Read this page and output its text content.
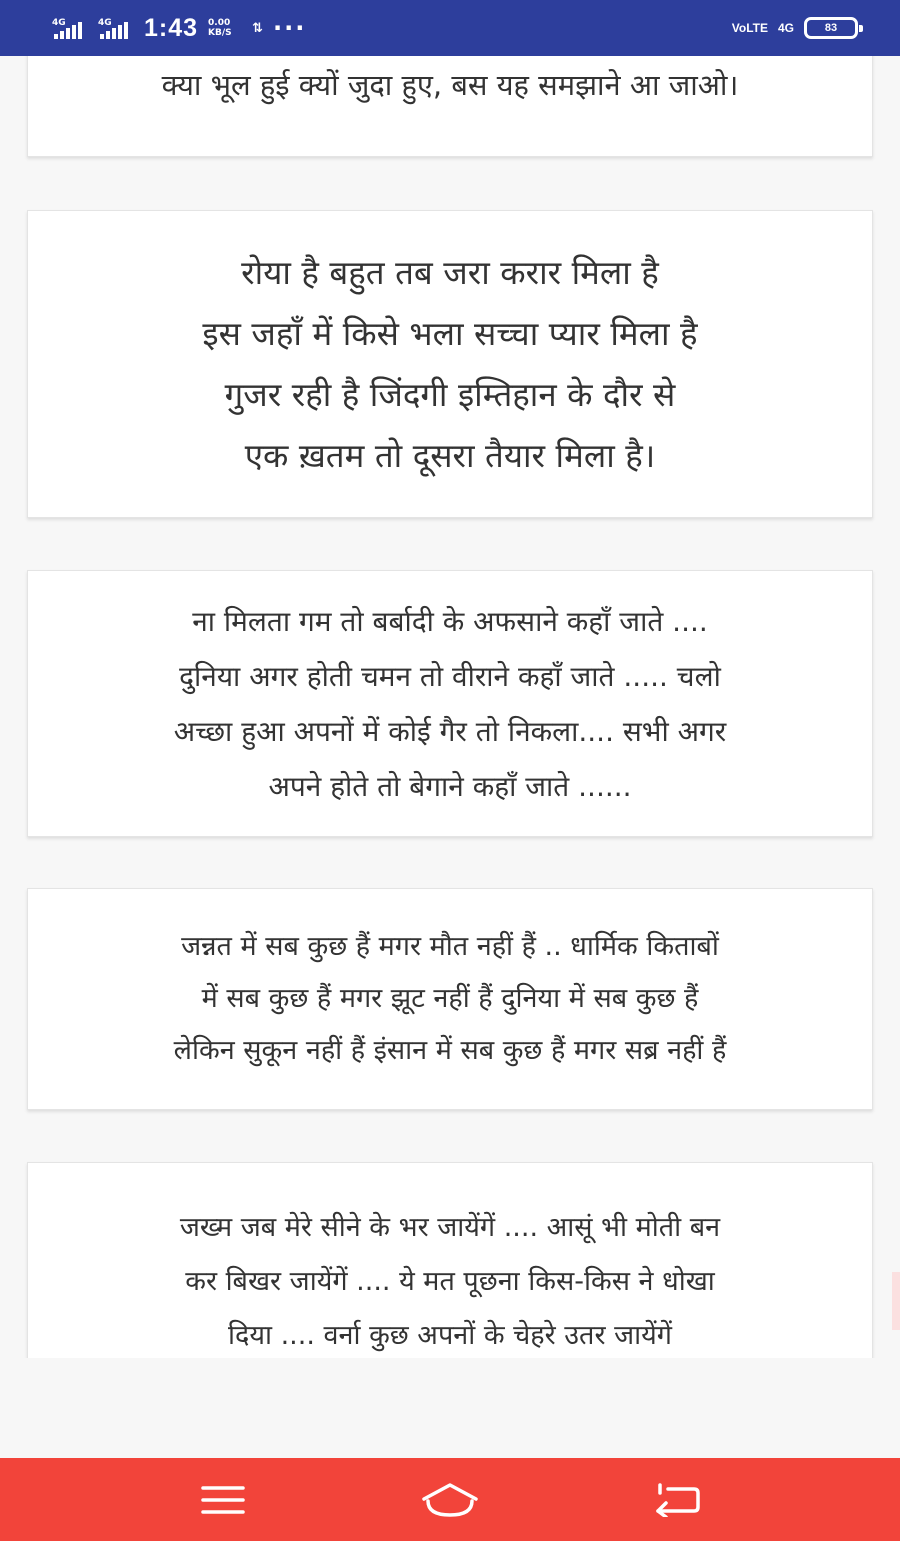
4G	4G 1:43 0.00 KB/S	⇅ ···	VoLTE 4G	83

क्या भूल हुई क्यों जुदा हुए, बस यह समझाने आ जाओ।

रोया है बहुत तब जरा करार मिला है
इस जहाँ में किसे भला सच्चा प्यार मिला है
गुजर रही है जिंदगी इम्तिहान के दौर से
एक ख़तम तो दूसरा तैयार मिला है।

ना मिलता गम तो बर्बादी के अफसाने कहाँ जाते ....
दुनिया अगर होती चमन तो वीराने कहाँ जाते ..... चलो
अच्छा हुआ अपनों में कोई गैर तो निकला.... सभी अगर
अपने होते तो बेगाने कहाँ जाते ......

जन्नत में सब कुछ हैं मगर मौत नहीं हैं .. धार्मिक किताबों
में सब कुछ हैं मगर झूट नहीं हैं दुनिया में सब कुछ हैं
लेकिन सुकून नहीं हैं इंसान में सब कुछ हैं मगर सब्र नहीं हैं

जख्म जब मेरे सीने के भर जायेंगें .... आसूं भी मोती बन
कर बिखर जायेंगें .... ये मत पूछना किस-किस ने धोखा
दिया .... वर्ना कुछ अपनों के चेहरे उतर जायेंगें
